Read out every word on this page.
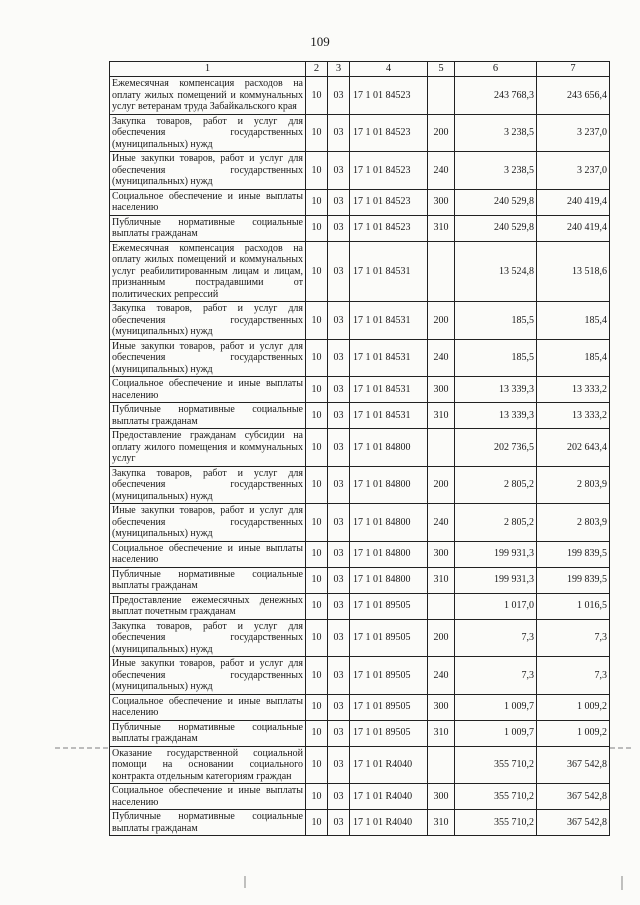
109
1	2	3	4	5	6	7
Ежемесячная компенсация расходов на оплату жилых помещений и коммунальных услуг ветеранам труда Забайкальского края	10	03	17 1 01 84523		243 768,3	243 656,4
Закупка товаров, работ и услуг для обеспечения государственных (муниципальных) нужд	10	03	17 1 01 84523	200	3 238,5	3 237,0
Иные закупки товаров, работ и услуг для обеспечения государственных (муниципальных) нужд	10	03	17 1 01 84523	240	3 238,5	3 237,0
Социальное обеспечение и иные выплаты населению	10	03	17 1 01 84523	300	240 529,8	240 419,4
Публичные нормативные социальные выплаты гражданам	10	03	17 1 01 84523	310	240 529,8	240 419,4
Ежемесячная компенсация расходов на оплату жилых помещений и коммунальных услуг реабилитированным лицам и лицам, признанным пострадавшими от политических репрессий	10	03	17 1 01 84531		13 524,8	13 518,6
Закупка товаров, работ и услуг для обеспечения государственных (муниципальных) нужд	10	03	17 1 01 84531	200	185,5	185,4
Иные закупки товаров, работ и услуг для обеспечения государственных (муниципальных) нужд	10	03	17 1 01 84531	240	185,5	185,4
Социальное обеспечение и иные выплаты населению	10	03	17 1 01 84531	300	13 339,3	13 333,2
Публичные нормативные социальные выплаты гражданам	10	03	17 1 01 84531	310	13 339,3	13 333,2
Предоставление гражданам субсидии на оплату жилого помещения и коммунальных услуг	10	03	17 1 01 84800		202 736,5	202 643,4
Закупка товаров, работ и услуг для обеспечения государственных (муниципальных) нужд	10	03	17 1 01 84800	200	2 805,2	2 803,9
Иные закупки товаров, работ и услуг для обеспечения государственных (муниципальных) нужд	10	03	17 1 01 84800	240	2 805,2	2 803,9
Социальное обеспечение и иные выплаты населению	10	03	17 1 01 84800	300	199 931,3	199 839,5
Публичные нормативные социальные выплаты гражданам	10	03	17 1 01 84800	310	199 931,3	199 839,5
Предоставление ежемесячных денежных выплат почетным гражданам	10	03	17 1 01 89505		1 017,0	1 016,5
Закупка товаров, работ и услуг для обеспечения государственных (муниципальных) нужд	10	03	17 1 01 89505	200	7,3	7,3
Иные закупки товаров, работ и услуг для обеспечения государственных (муниципальных) нужд	10	03	17 1 01 89505	240	7,3	7,3
Социальное обеспечение и иные выплаты населению	10	03	17 1 01 89505	300	1 009,7	1 009,2
Публичные нормативные социальные выплаты гражданам	10	03	17 1 01 89505	310	1 009,7	1 009,2
Оказание государственной социальной помощи на основании социального контракта отдельным категориям граждан	10	03	17 1 01 R4040		355 710,2	367 542,8
Социальное обеспечение и иные выплаты населению	10	03	17 1 01 R4040	300	355 710,2	367 542,8
Публичные нормативные социальные выплаты гражданам	10	03	17 1 01 R4040	310	355 710,2	367 542,8
